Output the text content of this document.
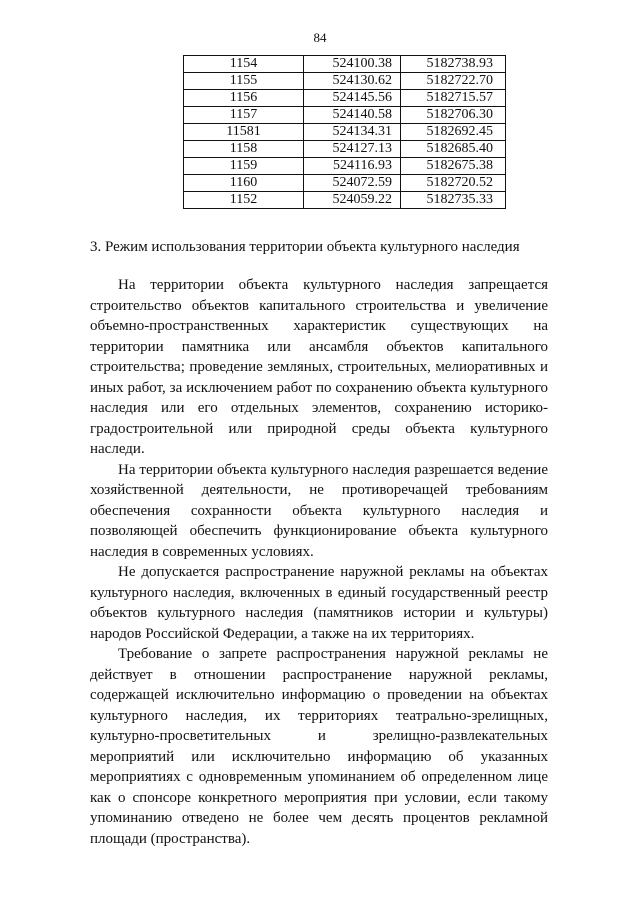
84
1154	524100.38	5182738.93
1155	524130.62	5182722.70
1156	524145.56	5182715.57
1157	524140.58	5182706.30
11581	524134.31	5182692.45
1158	524127.13	5182685.40
1159	524116.93	5182675.38
1160	524072.59	5182720.52
1152	524059.22	5182735.33
3. Режим использования территории объекта культурного наследия

На территории объекта культурного наследия запрещается строительство объектов капитального строительства и увеличение объемно-пространственных характеристик существующих на территории памятника или ансамбля объектов капитального строительства; проведение земляных, строительных, мелиоративных и иных работ, за исключением работ по сохранению объекта культурного наследия или его отдельных элементов, сохранению историко-градостроительной или природной среды объекта культурного наследи.

На территории объекта культурного наследия разрешается ведение хозяйственной деятельности, не противоречащей требованиям обеспечения сохранности объекта культурного наследия и позволяющей обеспечить функционирование объекта культурного наследия в современных условиях.

Не допускается распространение наружной рекламы на объектах культурного наследия, включенных в единый государственный реестр объектов культурного наследия (памятников истории и культуры) народов Российской Федерации, а также на их территориях.

Требование о запрете распространения наружной рекламы не действует в отношении распространение наружной рекламы, содержащей исключительно информацию о проведении на объектах культурного наследия, их территориях театрально-зрелищных, культурно-просветительных и зрелищно-развлекательных мероприятий или исключительно информацию об указанных мероприятиях с одновременным упоминанием об определенном лице как о спонсоре конкретного мероприятия при условии, если такому упоминанию отведено не более чем десять процентов рекламной площади (пространства).
